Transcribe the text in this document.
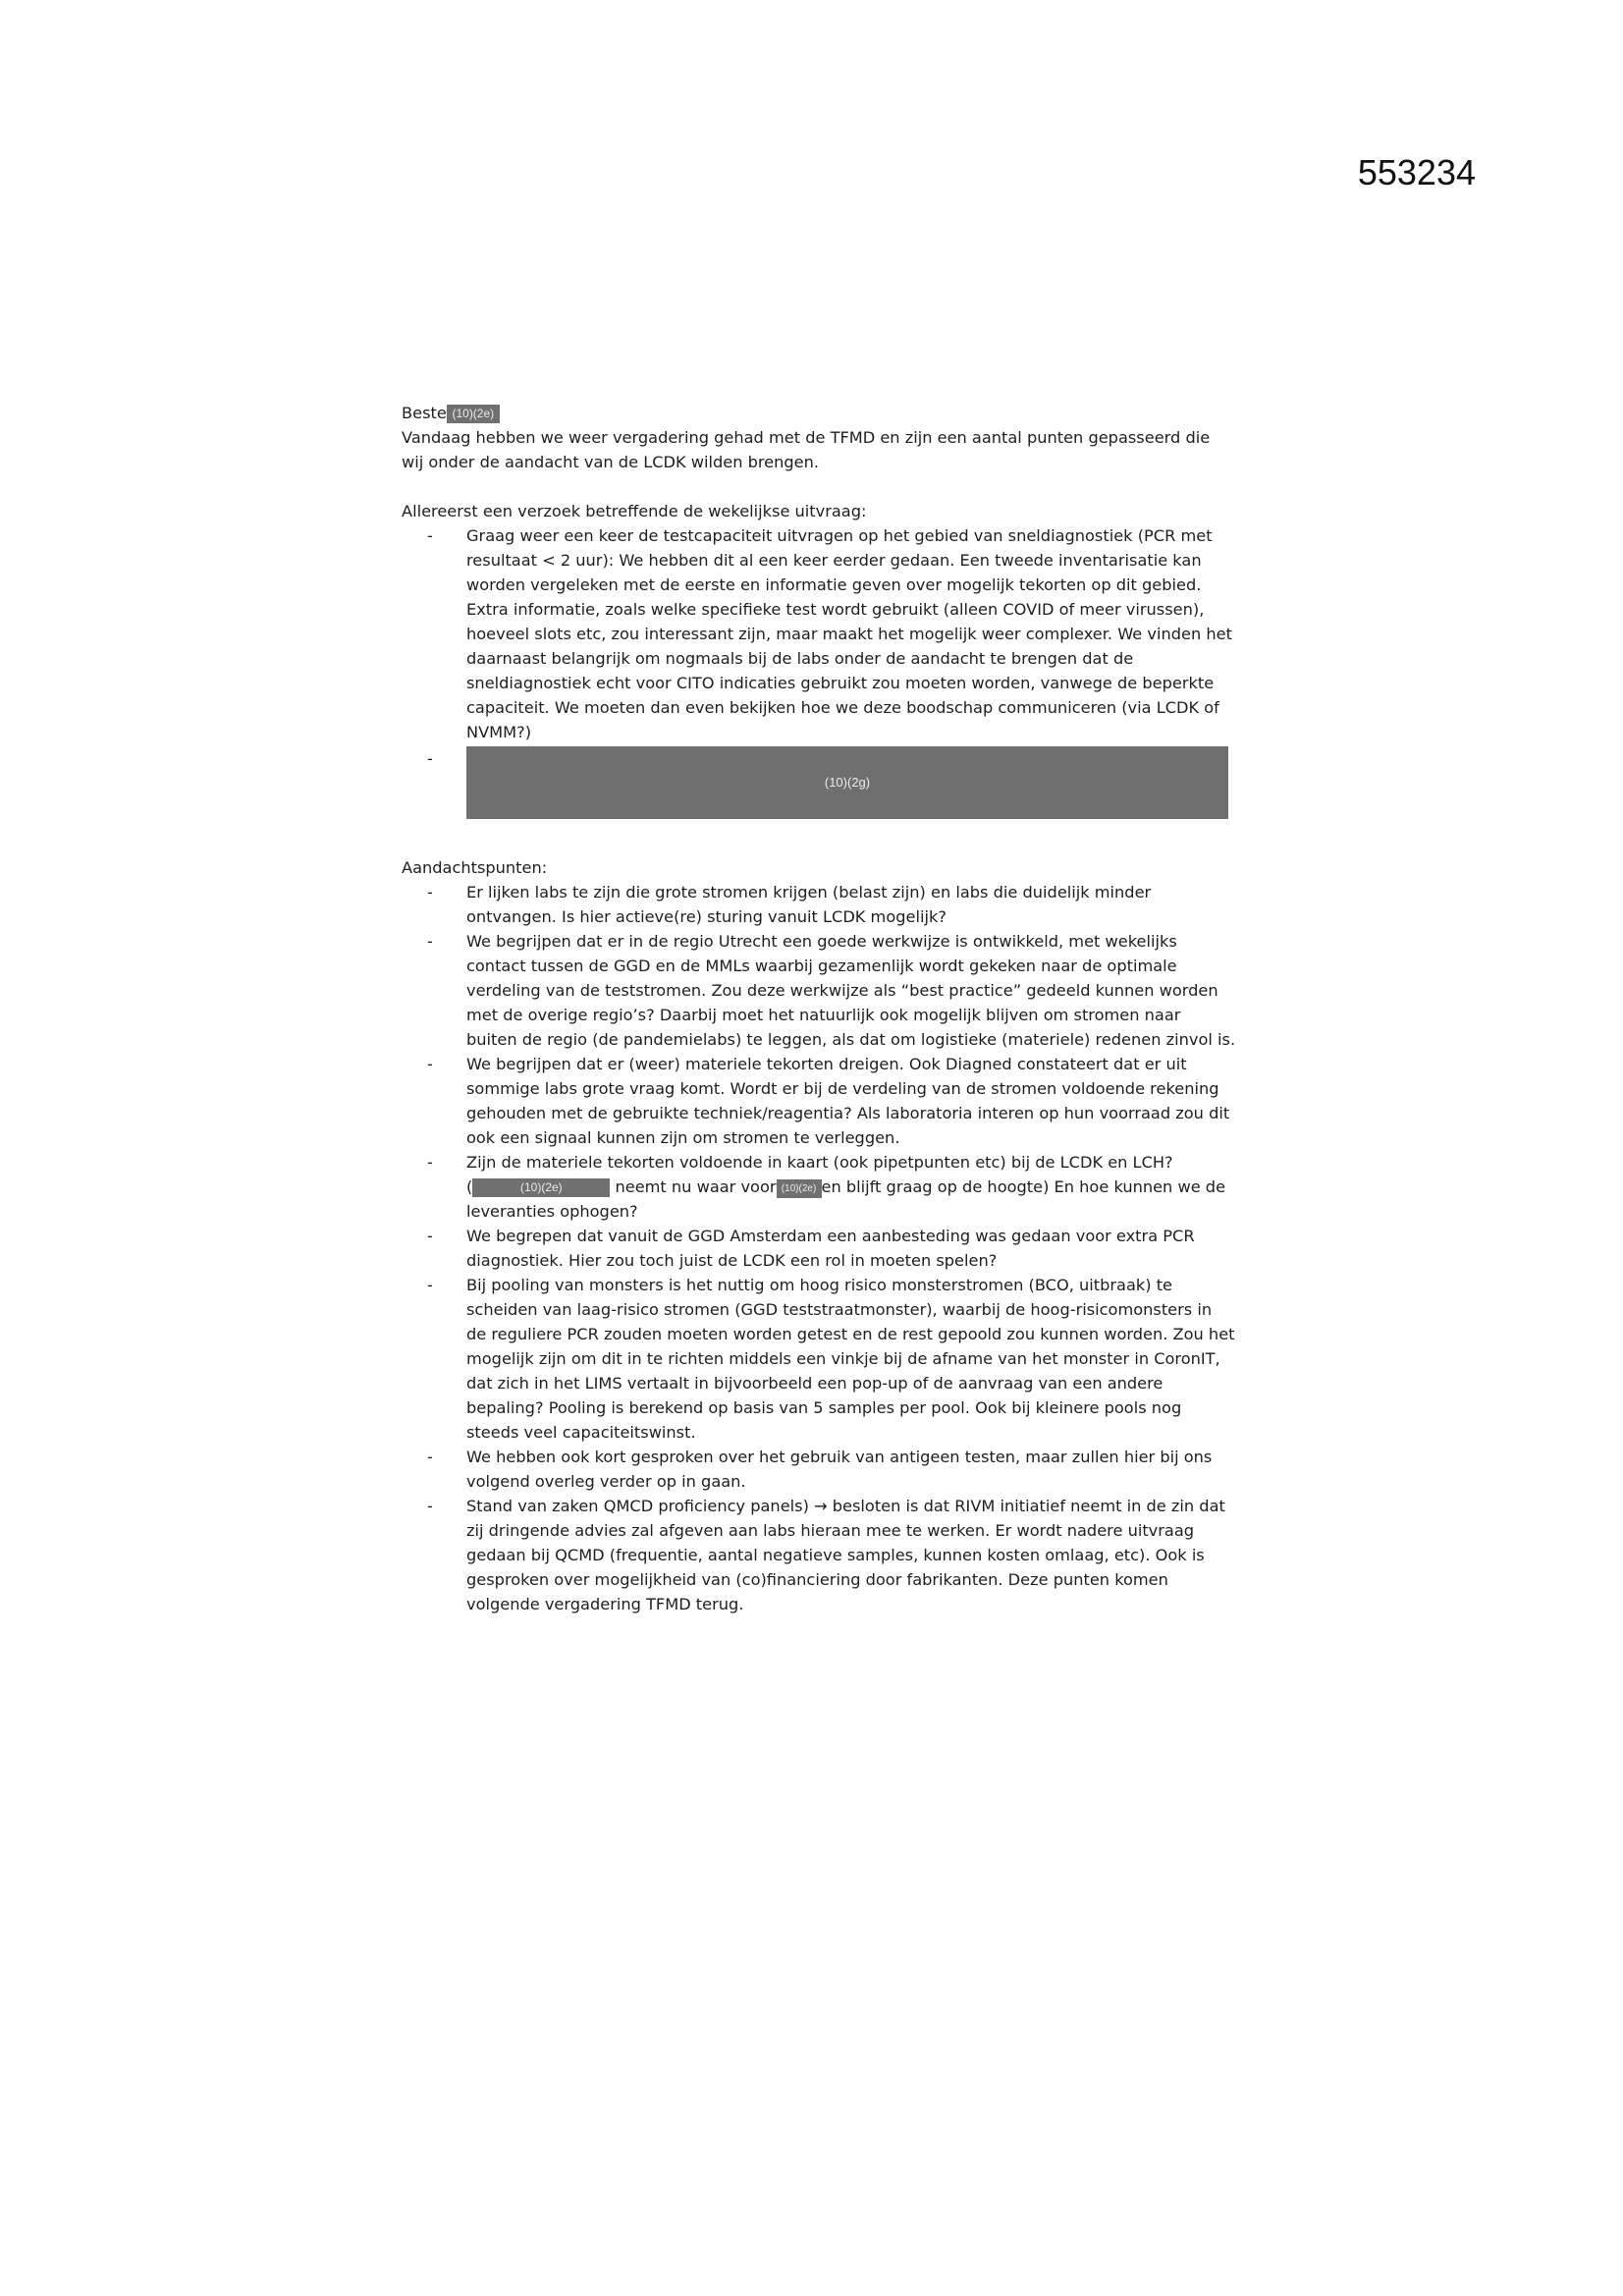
553234

Beste (10)(2e)

Vandaag hebben we weer vergadering gehad met de TFMD en zijn een aantal punten gepasseerd die wij onder de aandacht van de LCDK wilden brengen.

Allereerst een verzoek betreffende de wekelijkse uitvraag:

- Graag weer een keer de testcapaciteit uitvragen op het gebied van sneldiagnostiek (PCR met resultaat < 2 uur): We hebben dit al een keer eerder gedaan. Een tweede inventarisatie kan worden vergeleken met de eerste en informatie geven over mogelijk tekorten op dit gebied. Extra informatie, zoals welke specifieke test wordt gebruikt (alleen COVID of meer virussen), hoeveel slots etc, zou interessant zijn, maar maakt het mogelijk weer complexer. We vinden het daarnaast belangrijk om nogmaals bij de labs onder de aandacht te brengen dat de sneldiagnostiek echt voor CITO indicaties gebruikt zou moeten worden, vanwege de beperkte capaciteit. We moeten dan even bekijken hoe we deze boodschap communiceren (via LCDK of NVMM?)
-
(10)(2g)

Aandachtspunten:

- Er lijken labs te zijn die grote stromen krijgen (belast zijn) en labs die duidelijk minder ontvangen. Is hier actieve(re) sturing vanuit LCDK mogelijk?
- We begrijpen dat er in de regio Utrecht een goede werkwijze is ontwikkeld, met wekelijks contact tussen de GGD en de MMLs waarbij gezamenlijk wordt gekeken naar de optimale verdeling van de teststromen. Zou deze werkwijze als “best practice” gedeeld kunnen worden met de overige regio’s? Daarbij moet het natuurlijk ook mogelijk blijven om stromen naar buiten de regio (de pandemielabs) te leggen, als dat om logistieke (materiele) redenen zinvol is.
- We begrijpen dat er (weer) materiele tekorten dreigen. Ook Diagned constateert dat er uit sommige labs grote vraag komt. Wordt er bij de verdeling van de stromen voldoende rekening gehouden met de gebruikte techniek/reagentia? Als laboratoria interen op hun voorraad zou dit ook een signaal kunnen zijn om stromen te verleggen.
- Zijn de materiele tekorten voldoende in kaart (ook pipetpunten etc) bij de LCDK en LCH?
(	(10)(2e)	neemt nu waar voor (10)(2e) en blijft graag op de hoogte) En hoe kunnen we de leveranties ophogen?
- We begrepen dat vanuit de GGD Amsterdam een aanbesteding was gedaan voor extra PCR diagnostiek. Hier zou toch juist de LCDK een rol in moeten spelen?
- Bij pooling van monsters is het nuttig om hoog risico monsterstromen (BCO, uitbraak) te scheiden van laag-risico stromen (GGD teststraatmonster), waarbij de hoog-risicomonsters in de reguliere PCR zouden moeten worden getest en de rest gepoold zou kunnen worden. Zou het mogelijk zijn om dit in te richten middels een vinkje bij de afname van het monster in CoronIT, dat zich in het LIMS vertaalt in bijvoorbeeld een pop-up of de aanvraag van een andere bepaling? Pooling is berekend op basis van 5 samples per pool. Ook bij kleinere pools nog steeds veel capaciteitswinst.
- We hebben ook kort gesproken over het gebruik van antigeen testen, maar zullen hier bij ons volgend overleg verder op in gaan.
- Stand van zaken QMCD proficiency panels) → besloten is dat RIVM initiatief neemt in de zin dat zij dringende advies zal afgeven aan labs hieraan mee te werken. Er wordt nadere uitvraag gedaan bij QCMD (frequentie, aantal negatieve samples, kunnen kosten omlaag, etc). Ook is gesproken over mogelijkheid van (co)financiering door fabrikanten. Deze punten komen volgende vergadering TFMD terug.
